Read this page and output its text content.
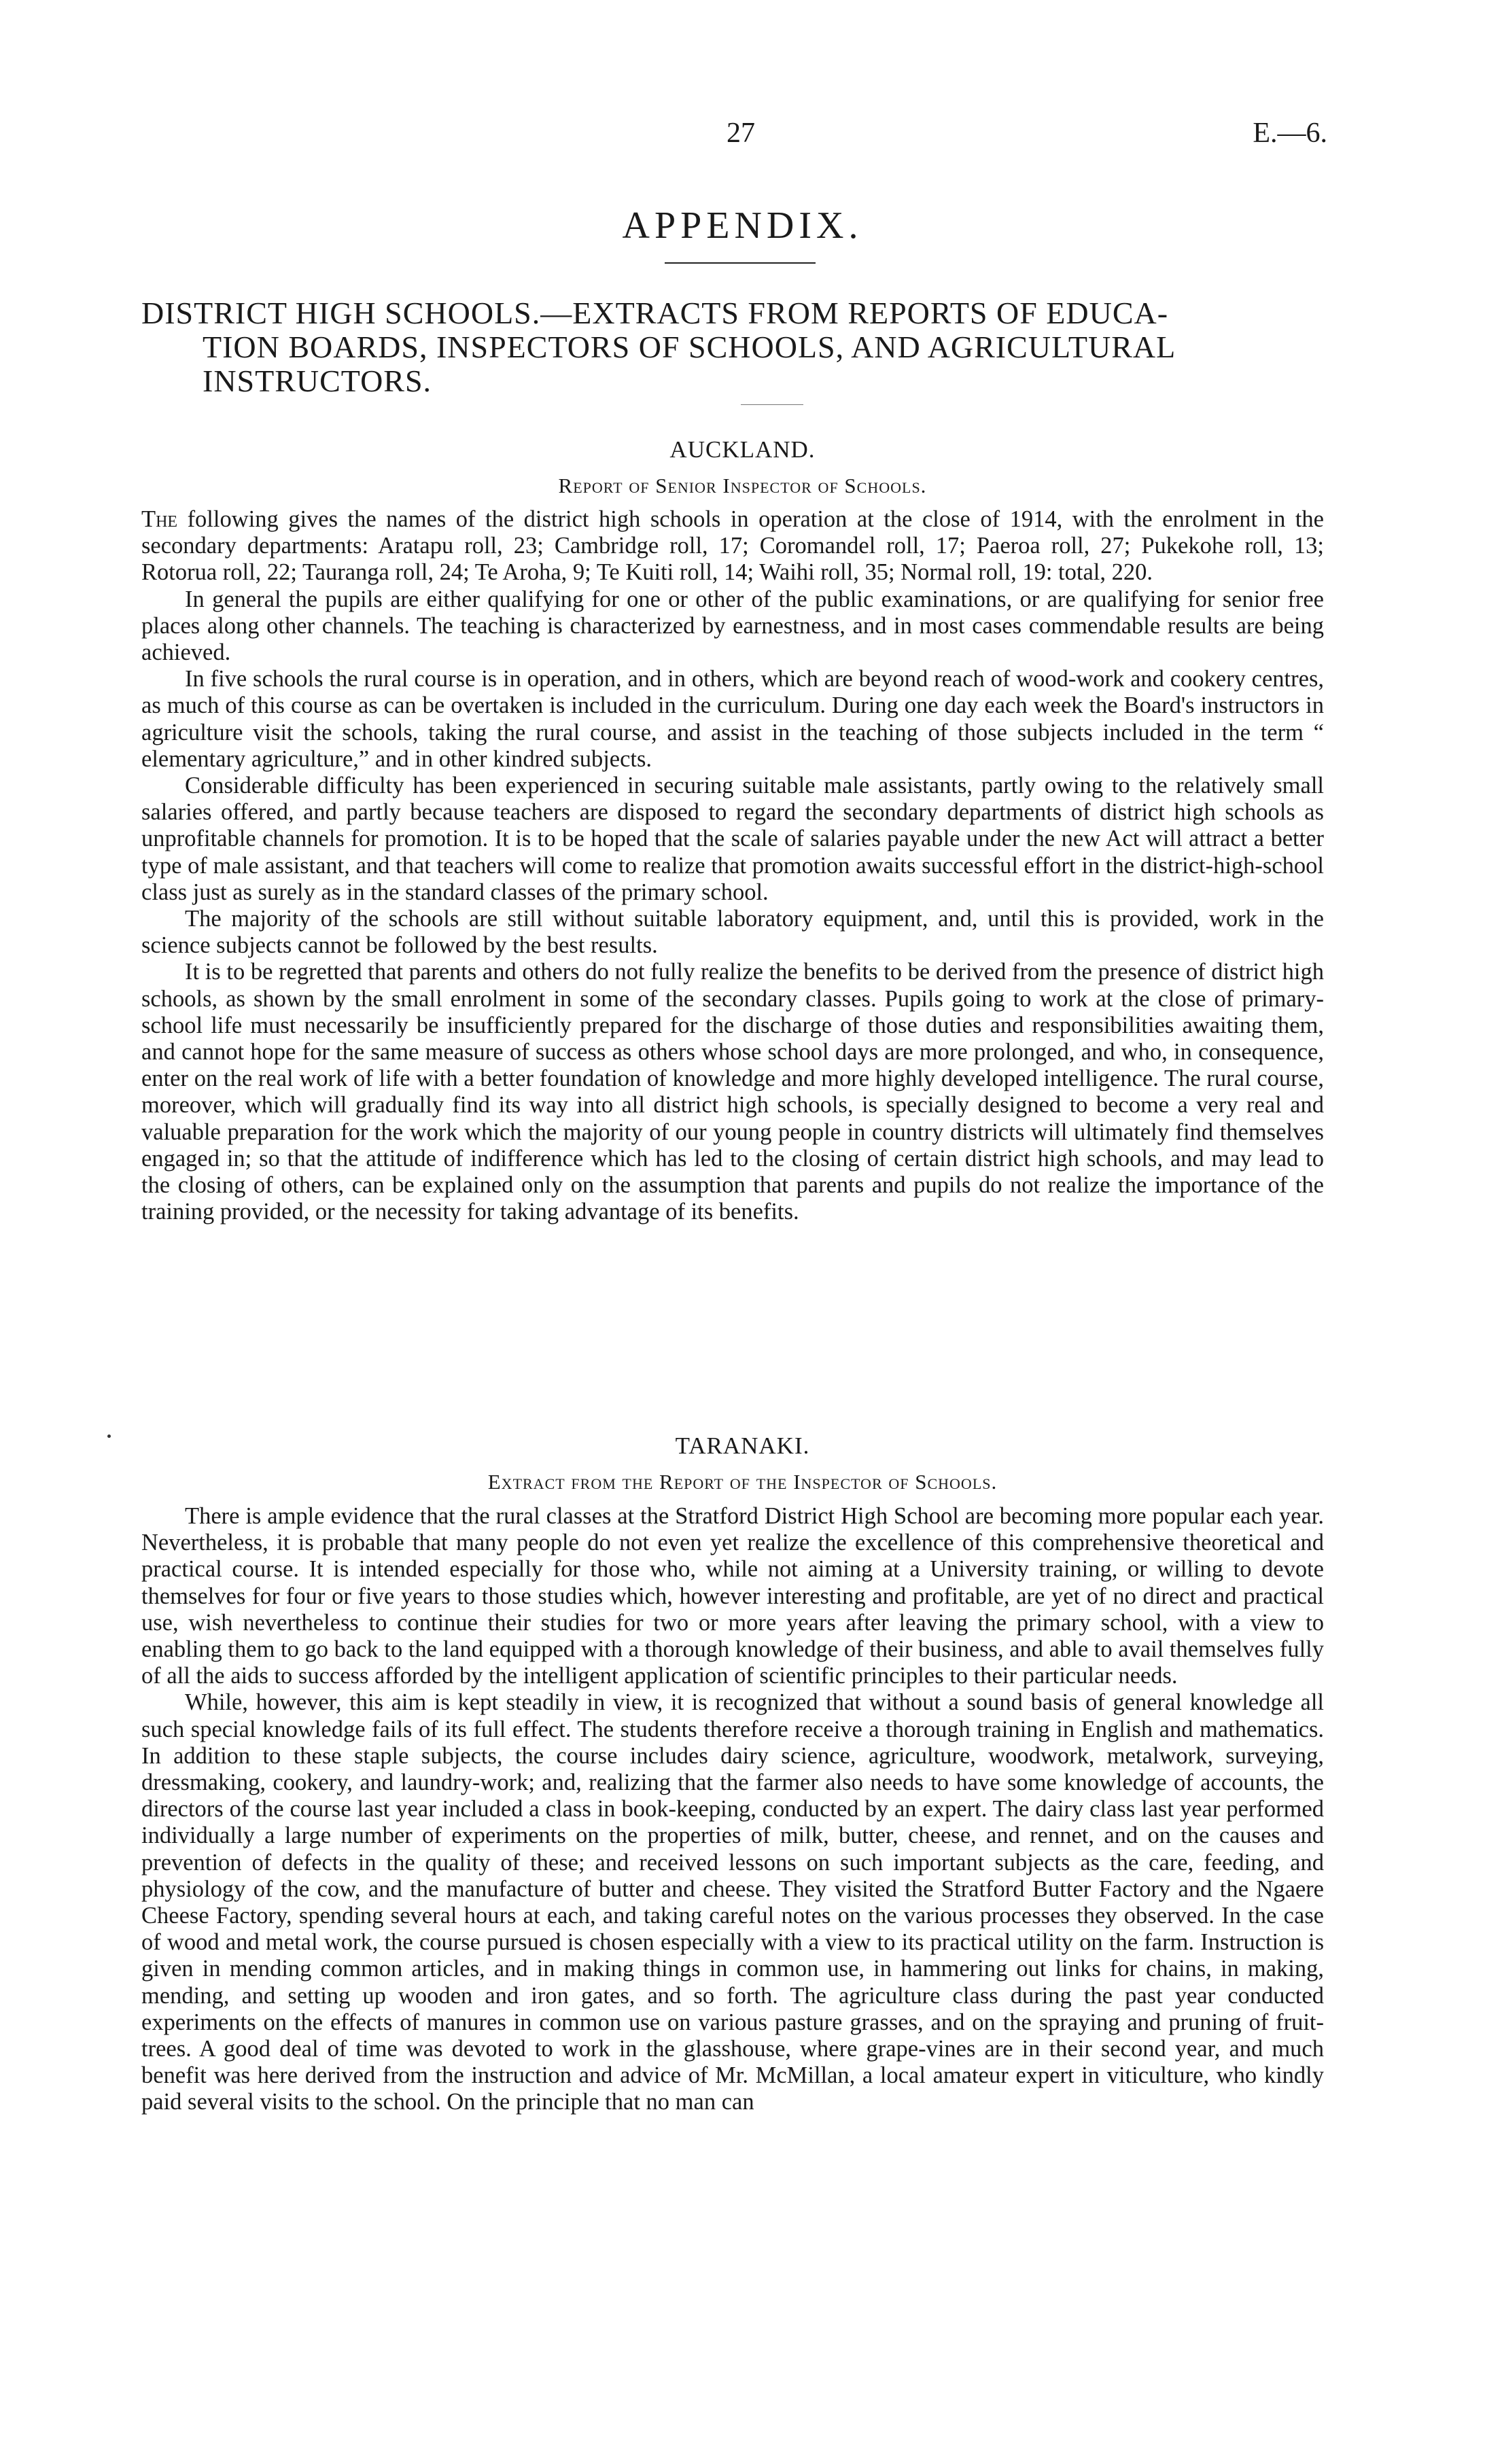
27	E.—6.
APPENDIX.
DISTRICT HIGH SCHOOLS.—EXTRACTS FROM REPORTS OF EDUCA-
TION BOARDS, INSPECTORS OF SCHOOLS, AND AGRICULTURAL
INSTRUCTORS.
AUCKLAND.
Report of Senior Inspector of Schools.

The following gives the names of the district high schools in operation at the close of 1914, with the enrolment in the secondary departments: Aratapu roll, 23; Cambridge roll, 17; Coromandel roll, 17; Paeroa roll, 27; Pukekohe roll, 13; Rotorua roll, 22; Tauranga roll, 24; Te Aroha, 9; Te Kuiti roll, 14; Waihi roll, 35; Normal roll, 19: total, 220.

In general the pupils are either qualifying for one or other of the public examinations, or are qualifying for senior free places along other channels. The teaching is characterized by earnestness, and in most cases commendable results are being achieved.

In five schools the rural course is in operation, and in others, which are beyond reach of wood-work and cookery centres, as much of this course as can be overtaken is included in the curriculum. During one day each week the Board's instructors in agriculture visit the schools, taking the rural course, and assist in the teaching of those subjects included in the term “ elementary agriculture,” and in other kindred subjects.

Considerable difficulty has been experienced in securing suitable male assistants, partly owing to the relatively small salaries offered, and partly because teachers are disposed to regard the secondary departments of district high schools as unprofitable channels for promotion. It is to be hoped that the scale of salaries payable under the new Act will attract a better type of male assistant, and that teachers will come to realize that promotion awaits successful effort in the district-high-school class just as surely as in the standard classes of the primary school.

The majority of the schools are still without suitable laboratory equipment, and, until this is provided, work in the science subjects cannot be followed by the best results.

It is to be regretted that parents and others do not fully realize the benefits to be derived from the presence of district high schools, as shown by the small enrolment in some of the secondary classes. Pupils going to work at the close of primary-school life must necessarily be insufficiently prepared for the discharge of those duties and responsibilities awaiting them, and cannot hope for the same measure of success as others whose school days are more prolonged, and who, in consequence, enter on the real work of life with a better foundation of knowledge and more highly developed intelligence. The rural course, moreover, which will gradually find its way into all district high schools, is specially designed to become a very real and valuable preparation for the work which the majority of our young people in country districts will ultimately find themselves engaged in; so that the attitude of indifference which has led to the closing of certain district high schools, and may lead to the closing of others, can be explained only on the assumption that parents and pupils do not realize the importance of the training provided, or the necessity for taking advantage of its benefits.

TARANAKI.
Extract from the Report of the Inspector of Schools.

There is ample evidence that the rural classes at the Stratford District High School are becoming more popular each year. Nevertheless, it is probable that many people do not even yet realize the excellence of this comprehensive theoretical and practical course. It is intended especially for those who, while not aiming at a University training, or willing to devote themselves for four or five years to those studies which, however interesting and profitable, are yet of no direct and practical use, wish nevertheless to continue their studies for two or more years after leaving the primary school, with a view to enabling them to go back to the land equipped with a thorough knowledge of their business, and able to avail themselves fully of all the aids to success afforded by the intelligent application of scientific principles to their particular needs.

While, however, this aim is kept steadily in view, it is recognized that without a sound basis of general knowledge all such special knowledge fails of its full effect. The students therefore receive a thorough training in English and mathematics. In addition to these staple subjects, the course includes dairy science, agriculture, woodwork, metalwork, surveying, dressmaking, cookery, and laundry-work; and, realizing that the farmer also needs to have some knowledge of accounts, the directors of the course last year included a class in book-keeping, conducted by an expert. The dairy class last year performed individually a large number of experiments on the properties of milk, butter, cheese, and rennet, and on the causes and prevention of defects in the quality of these; and received lessons on such important subjects as the care, feeding, and physiology of the cow, and the manufacture of butter and cheese. They visited the Stratford Butter Factory and the Ngaere Cheese Factory, spending several hours at each, and taking careful notes on the various processes they observed. In the case of wood and metal work, the course pursued is chosen especially with a view to its practical utility on the farm. Instruction is given in mending common articles, and in making things in common use, in hammering out links for chains, in making, mending, and setting up wooden and iron gates, and so forth. The agriculture class during the past year conducted experiments on the effects of manures in common use on various pasture grasses, and on the spraying and pruning of fruit-trees. A good deal of time was devoted to work in the glasshouse, where grape-vines are in their second year, and much benefit was here derived from the instruction and advice of Mr. McMillan, a local amateur expert in viticulture, who kindly paid several visits to the school. On the principle that no man can
